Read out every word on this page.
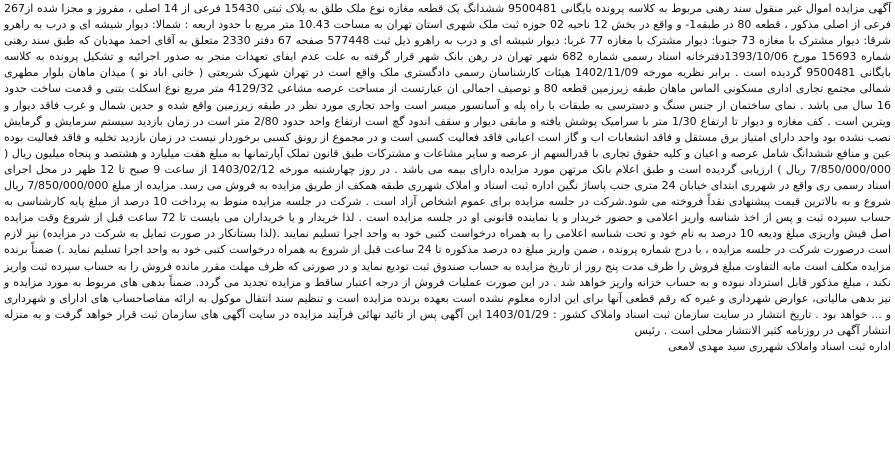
آگهی مزایده اموال غیر منقول سند رهنی مربوط به کلاسه پرونده بایگانی 9500481 ششدانگ یک قطعه مغازه نوع ملک طلق به پلاک ثبتی 15430 فرعی از 14 اصلی ، مفروز و مجزا شده از267 فرعی از اصلی مذکور ، قطعه 80 در طبقه1- و واقع در بخش 12 ناحیه 02 حوزه ثبت ملک شهری استان تهران به مساحت 10.43 متر مربع با حدود اربعه : شمالا: دیوار شیشه ای و درب به راهرو شرقا: دیوار مشترک با مغازه 73 جنوبا: دیوار مشترک با مغازه 77 غربا: دیوار شیشه ای و درب به راهرو ذیل ثبت 577448 صفحه 67 دفتر 2330 متعلق به آقای احمد مهدیان که طبق سند رهنی شماره 15693 مورخ 1393/10/06دفترخانه اسناد رسمی شماره 682 شهر تهران در رهن بانک شهر قرار گرفته به علت عدم ایفای تعهدات منجر به صدور اجرائیه و تشکیل پرونده به کلاسه بایگانی 9500481 گردیده است . برابر نظریه مورخه 1402/11/09 هیئات کارشناسان رسمی دادگستری ملک واقع است در تهران شهرک شریعتی ( خانی اباد نو ) میدان ماهان بلوار مطهری شمالی مجتمع تجاری اداری مسکونی الماس ماهان طبقه زیرزمین قطعه 80 و توصیف اجمالی ان عبارتست از مساحت عرصه مشاعی 4129/32 متر مربع نوع اسکلت بتنی و قدمت ساخت حدود 16 سال می باشد . نمای ساختمان از جنس سنگ و دسترسی به طبقات با راه پله و آسانسور میسر است واحد تجاری مورد نظر در طبقه زیرزمین واقع شده و حدین شمال و غرب فاقد دیوار و ویترین است . کف مغازه و دیوار تا ارتفاع 1/30 متر با سرامیک پوشش یافته و مابقی دیوار و سقف اندود گچ است ارتفاع واحد حدود 2/80 متر است در زمان بازدید سیستم سرمایش و گرمایش نصب نشده بود واحد دارای امتیاز برق مستقل و فاقد انشعابات اب و گاز است اعیانی فاقد فعالیت کسبی است و در مجموع از رونق کسبی برخوردار نیست در زمان بازدید تخلیه و فاقد فعالیت بوده عین و منافع ششدانگ شامل عرصه و اعیان و کلیه حقوق تجاری با قدرالسهم از عرصه و سایر مشاعات و مشترکات طبق قانون تملک آپارتمانها به مبلغ هفت میلیارد و هشتصد و پنجاه میلیون ریال ( 7/850/000/000 ریال ) ارزیابی گردیده است و طبق اعلام بانک مرتهن مورد مزایده دارای بیمه می باشد . در روز چهارشنبه مورخه 1403/02/12 از ساعت 9 صبح تا 12 ظهر در محل اجرای اسناد رسمی ری واقع در شهرری ابتدای خیابان 24 متری جنب پاساژ نگین اداره ثبت اسناد و املاک شهرری طبقه همکف از طریق مزایده به فروش می رسد. مزایده از مبلغ 7/850/000/000 ریال شروع و به بالاترین قیمت پیشنهادی نقداً فروخته می شود.شرکت در جلسه مزایده برای عموم اشخاص آزاد است . شرکت در جلسه مزایده منوط به پرداخت 10 درصد از مبلغ پایه کارشناسی به حساب سپرده ثبت و پس از اخذ شناسه واریز اعلامی و حضور خریدار و یا نماینده قانونی او در جلسه مزایده است . لذا خریدار و یا خریداران می بایست تا 72 ساعت قبل از شروع وقت مزایده اصل فیش واریزی مبلغ ودیعه 10 درصد به نام خود و تحت شناسه اعلامی را به همراه درخواست کتبی خود به واحد اجرا تسلیم نمایند .(لذا بستانکار در صورت تمایل به شرکت در مزایده) نیز لازم است درصورت شرکت در جلسه مزایده ، با درج شماره پرونده ، ضمن واریز مبلغ ده درصد مذکوره تا 24 ساعت قبل از شروع به همراه درخواست کتبی خود به واحد اجرا تسلیم نماید .) ضمناً برنده مزایده مکلف است مابه التفاوت مبلغ فروش را ظرف مدت پنج روز از تاریخ مزایده به حساب صندوق ثبت تودیع نماید و در صورتی که ظرف مهلت مقرر مانده فروش را به حساب سپرده ثبت واریز نکند ، مبلغ مذکور قابل استرداد نبوده و به حساب خزانه واریز خواهد شد . در این صورت عملیات فروش از درجه اعتبار ساقط و مزایده تجدید می گردد. ضمناً بدهی های مربوط به مورد مزایده و نیز بدهی مالیاتی، عوارض شهرداری و غیره که رقم قطعی آنها برای این اداره معلوم نشده است بعهده برنده مزایده است و تنظیم سند انتقال موکول به ارائه مفاصاحساب های ادارای و شهرداری و ... خواهد بود . تاریخ انتشار در سایت سازمان ثبت اسناد واملاک کشور : 1403/01/29 این آگهی پس از تائید نهائی فرآیند مزایده در سایت آگهی های سازمان ثبت قرار خواهد گرفت و به منزله انتشار آگهی در روزنامه کثیر الانتشار محلی است . رئیس

اداره ثبت اسناد واملاک شهرری سید مهدی لامعی
